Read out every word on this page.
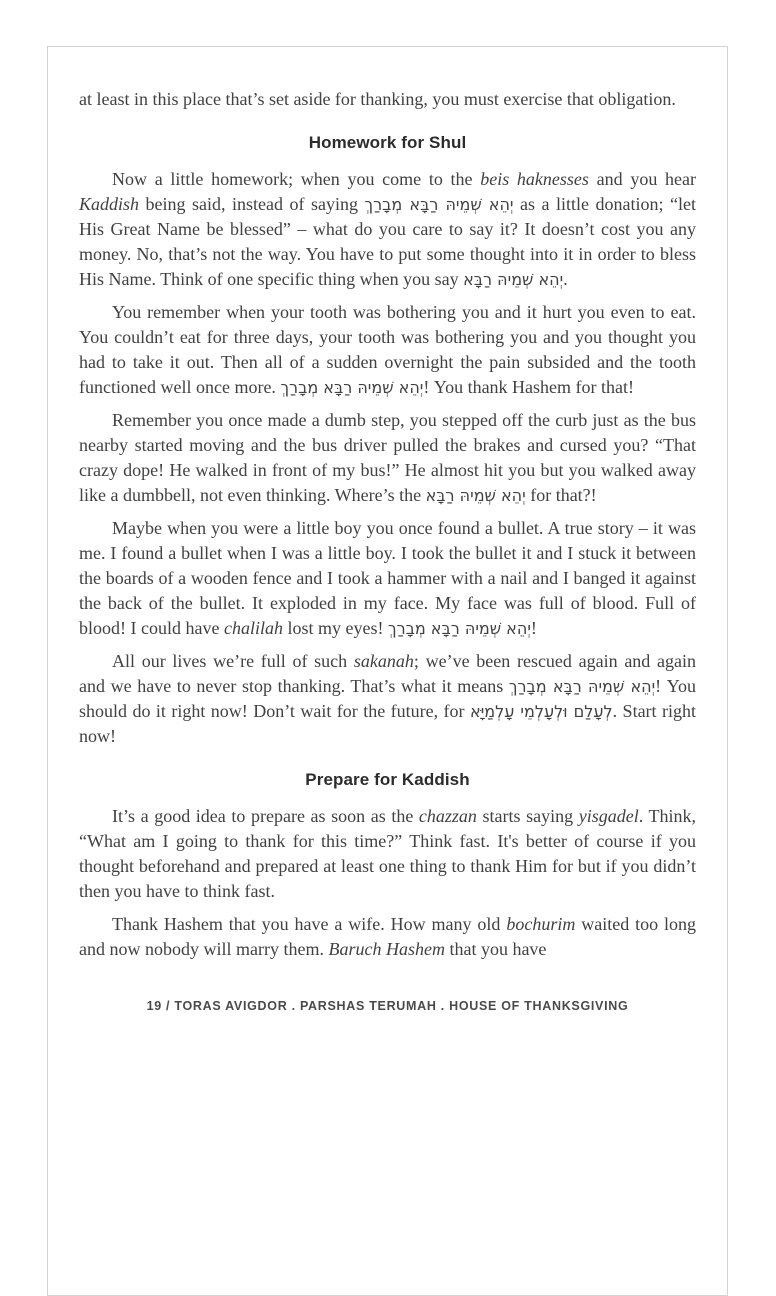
at least in this place that’s set aside for thanking, you must exercise that obligation.

Homework for Shul

Now a little homework; when you come to the beis haknesses and you hear Kaddish being said, instead of saying יְהֵא שְׁמֵיהּ רַבָּא מְבָרַךְ as a little donation; “let His Great Name be blessed” – what do you care to say it? It doesn’t cost you any money. No, that’s not the way. You have to put some thought into it in order to bless His Name. Think of one specific thing when you say יְהֵא שְׁמֵיהּ רַבָּא.

You remember when your tooth was bothering you and it hurt you even to eat. You couldn’t eat for three days, your tooth was bothering you and you thought you had to take it out. Then all of a sudden overnight the pain subsided and the tooth functioned well once more. יְהֵא שְׁמֵיהּ רַבָּא מְבָרַךְ! You thank Hashem for that!

Remember you once made a dumb step, you stepped off the curb just as the bus nearby started moving and the bus driver pulled the brakes and cursed you? “That crazy dope! He walked in front of my bus!” He almost hit you but you walked away like a dumbbell, not even thinking. Where’s the יְהֵא שְׁמֵיהּ רַבָּא for that?!

Maybe when you were a little boy you once found a bullet. A true story – it was me. I found a bullet when I was a little boy. I took the bullet it and I stuck it between the boards of a wooden fence and I took a hammer with a nail and I banged it against the back of the bullet. It exploded in my face. My face was full of blood. Full of blood! I could have chalilah lost my eyes! יְהֵא שְׁמֵיהּ רַבָּא מְבָרַךְ!

All our lives we’re full of such sakanah; we’ve been rescued again and again and we have to never stop thanking. That’s what it means יְהֵא שְׁמֵיהּ רַבָּא מְבָרַךְ! You should do it right now! Don’t wait for the future, for לְעָלַם וּלְעָלְמֵי עָלְמַיָּא. Start right now!

Prepare for Kaddish

It’s a good idea to prepare as soon as the chazzan starts saying yisgadel. Think, “What am I going to thank for this time?” Think fast. It's better of course if you thought beforehand and prepared at least one thing to thank Him for but if you didn’t then you have to think fast.

Thank Hashem that you have a wife. How many old bochurim waited too long and now nobody will marry them. Baruch Hashem that you have

19 / TORAS AVIGDOR . PARSHAS TERUMAH . HOUSE OF THANKSGIVING
